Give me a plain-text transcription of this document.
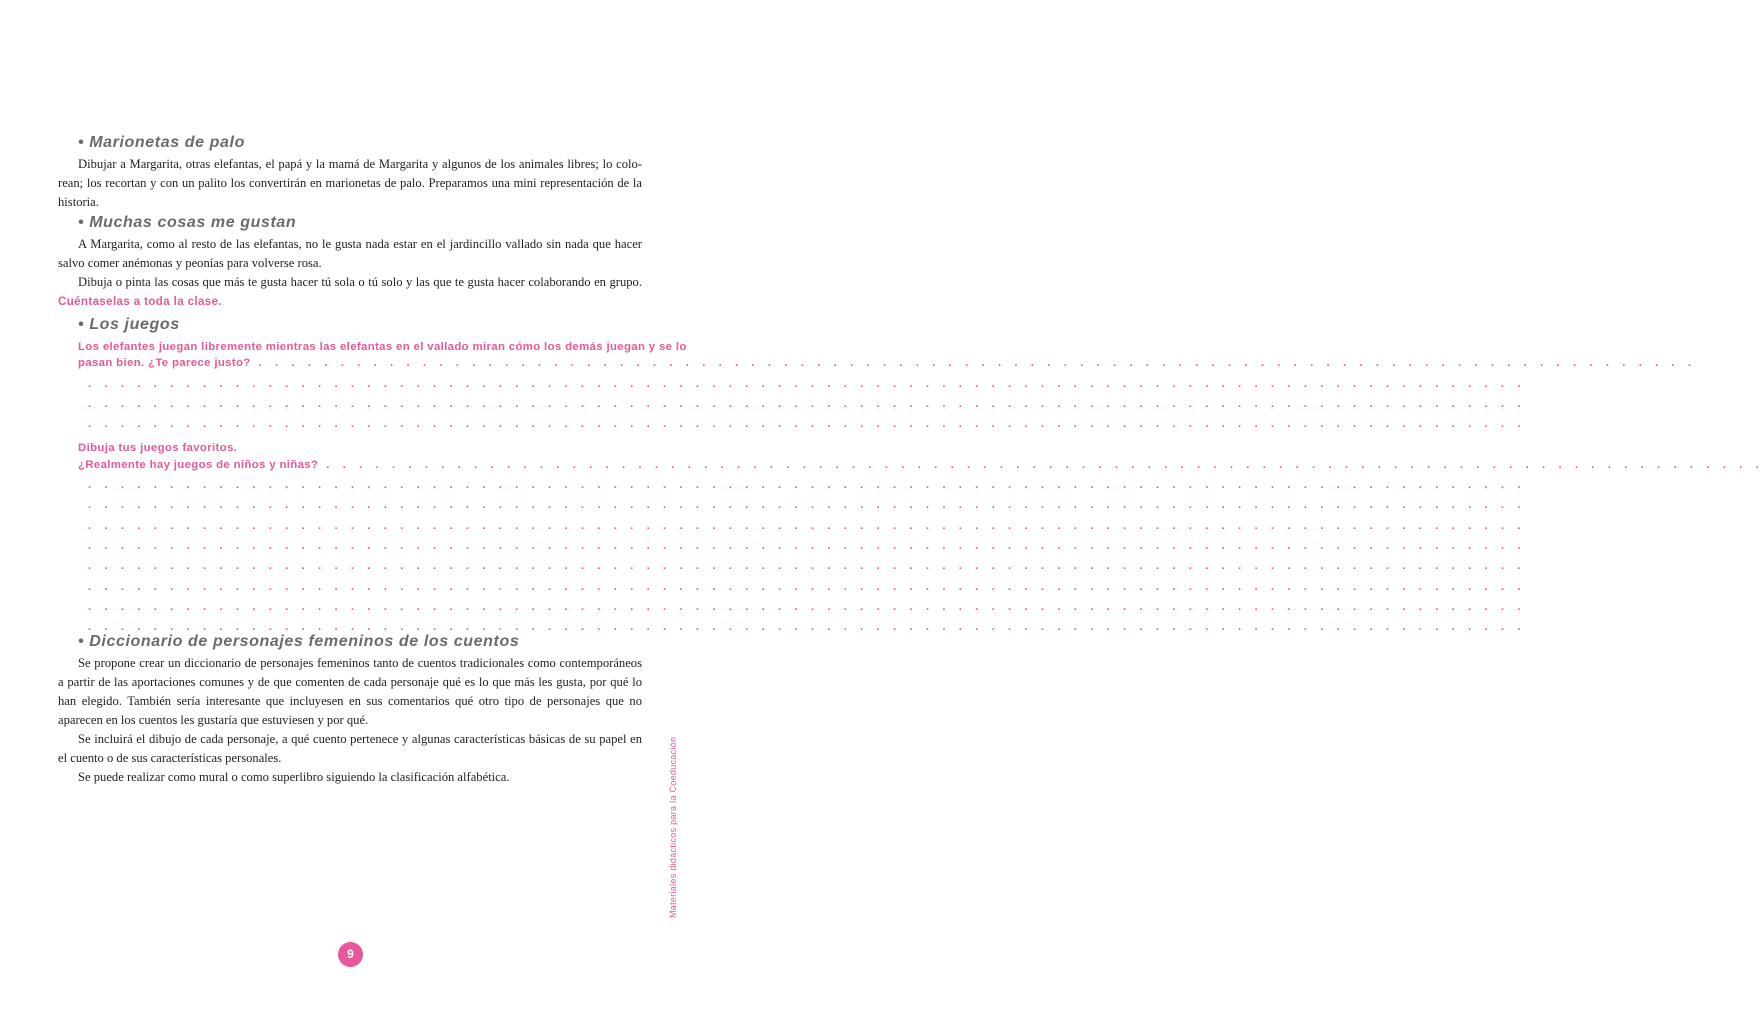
• Marionetas de palo

Dibujar a Margarita, otras elefantas, el papá y la mamá de Margarita y algunos de los animales libres; lo colorean; los recortan y con un palito los convertirán en marionetas de palo. Preparamos una mini representación de la historia.

• Muchas cosas me gustan

A Margarita, como al resto de las elefantas, no le gusta nada estar en el jardincillo vallado sin nada que hacer salvo comer anémonas y peonías para volverse rosa.

Dibuja o pinta las cosas que más te gusta hacer tú sola o tú solo y las que te gusta hacer colaborando en grupo. Cuéntaselas a toda la clase.

• Los juegos
Los elefantes juegan libremente mientras las elefantas en el vallado miran cómo los demás juegan y se lo
pasan bien. ¿Te parece justo? . . . . . . . . . . . . . . . . . . . . . . . . . . . . . . . . . . . . . . . . . . . . . . . . . . . . . . . . . . . . . . . . . . . . . . . . . . . . . . . . . . . . . . . .
. . . . . . . . . . . . . . . . . . . . . . . . . . . . . . . . . . . . . . . . . . . . . . . . . . . . . . . . . . . . . . . . . . . . . . . . . . . . . . . . . . . . . . . .
. . . . . . . . . . . . . . . . . . . . . . . . . . . . . . . . . . . . . . . . . . . . . . . . . . . . . . . . . . . . . . . . . . . . . . . . . . . . . . . . . . . . . . . .
. . . . . . . . . . . . . . . . . . . . . . . . . . . . . . . . . . . . . . . . . . . . . . . . . . . . . . . . . . . . . . . . . . . . . . . . . . . . . . . . . . . . . . . .
Dibuja tus juegos favoritos.
¿Realmente hay juegos de niños y niñas? . . . . . . . . . . . . . . . . . . . . . . . . . . . . . . . . . . . . . . . . . . . . . . . . . . . . . . . . . . . . . . . . . . . . . . . . . . . . . . . . . . . . . . . .
. . . . . . . . . . . . . . . . . . . . . . . . . . . . . . . . . . . . . . . . . . . . . . . . . . . . . . . . . . . . . . . . . . . . . . . . . . . . . . . . . . . . . . . .
. . . . . . . . . . . . . . . . . . . . . . . . . . . . . . . . . . . . . . . . . . . . . . . . . . . . . . . . . . . . . . . . . . . . . . . . . . . . . . . . . . . . . . . .
. . . . . . . . . . . . . . . . . . . . . . . . . . . . . . . . . . . . . . . . . . . . . . . . . . . . . . . . . . . . . . . . . . . . . . . . . . . . . . . . . . . . . . . .
. . . . . . . . . . . . . . . . . . . . . . . . . . . . . . . . . . . . . . . . . . . . . . . . . . . . . . . . . . . . . . . . . . . . . . . . . . . . . . . . . . . . . . . .
. . . . . . . . . . . . . . . . . . . . . . . . . . . . . . . . . . . . . . . . . . . . . . . . . . . . . . . . . . . . . . . . . . . . . . . . . . . . . . . . . . . . . . . .
. . . . . . . . . . . . . . . . . . . . . . . . . . . . . . . . . . . . . . . . . . . . . . . . . . . . . . . . . . . . . . . . . . . . . . . . . . . . . . . . . . . . . . . .
. . . . . . . . . . . . . . . . . . . . . . . . . . . . . . . . . . . . . . . . . . . . . . . . . . . . . . . . . . . . . . . . . . . . . . . . . . . . . . . . . . . . . . . .
. . . . . . . . . . . . . . . . . . . . . . . . . . . . . . . . . . . . . . . . . . . . . . . . . . . . . . . . . . . . . . . . . . . . . . . . . . . . . . . . . . . . . . . .
• Diccionario de personajes femeninos de los cuentos

Se propone crear un diccionario de personajes femeninos tanto de cuentos tradicionales como contemporáneos a partir de las aportaciones comunes y de que comenten de cada personaje qué es lo que más les gusta, por qué lo han elegido. También sería interesante que incluyesen en sus comentarios qué otro tipo de personajes que no aparecen en los cuentos les gustaría que estuviesen y por qué.

Se incluirá el dibujo de cada personaje, a qué cuento pertenece y algunas características básicas de su papel en el cuento o de sus características personales.

Se puede realizar como mural o como superlibro siguiendo la clasificación alfabética.	Materiales didácticos para la Coeducación
9
